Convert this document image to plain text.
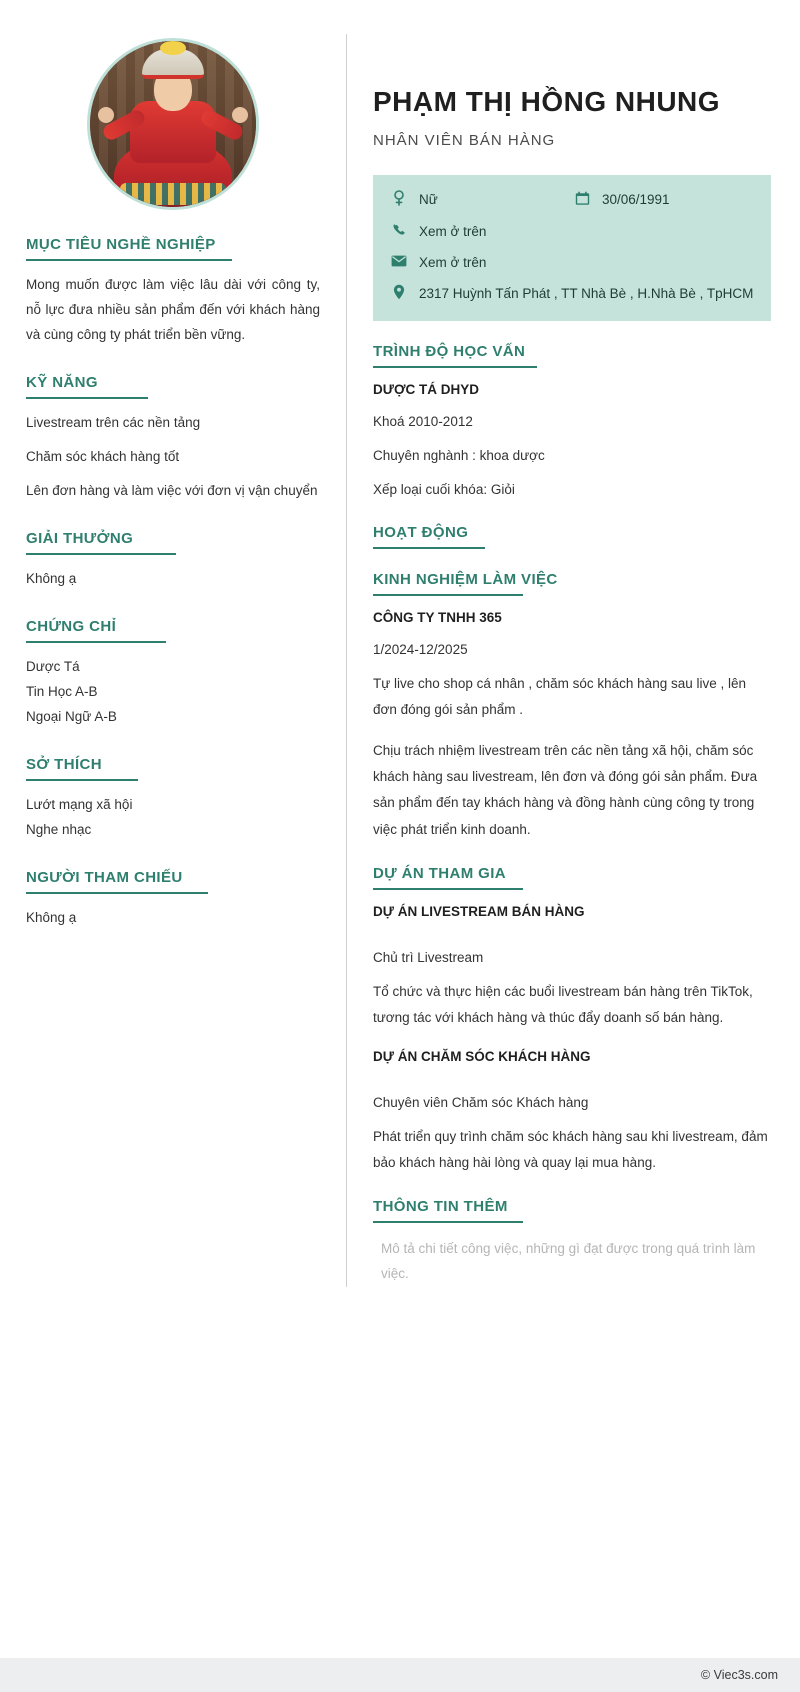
MỤC TIÊU NGHỀ NGHIỆP

Mong muốn được làm việc lâu dài với công ty, nỗ lực đưa nhiều sản phẩm đến với khách hàng và cùng công ty phát triển bền vững.

KỸ NĂNG
Livestream trên các nền tảng
Chăm sóc khách hàng tốt
Lên đơn hàng và làm việc với đơn vị vận chuyển
GIẢI THƯỞNG
Không ạ
CHỨNG CHỈ
Dược Tá
Tin Học A-B
Ngoại Ngữ A-B
SỞ THÍCH
Lướt mạng xã hội
Nghe nhạc
NGƯỜI THAM CHIẾU
Không ạ
PHẠM THỊ HỒNG NHUNG
NHÂN VIÊN BÁN HÀNG
Nữ	30/06/1991
Xem ở trên
Xem ở trên
2317 Huỳnh Tấn Phát , TT Nhà Bè , H.Nhà Bè , TpHCM
TRÌNH ĐỘ HỌC VẤN
DƯỢC TÁ DHYD
Khoá 2010-2012
Chuyên nghành : khoa dược
Xếp loại cuối khóa: Giỏi
HOẠT ĐỘNG
KINH NGHIỆM LÀM VIỆC
CÔNG TY TNHH 365
1/2024-12/2025

Tự live cho shop cá nhân , chăm sóc khách hàng sau live , lên đơn đóng gói sản phẩm .

Chịu trách nhiệm livestream trên các nền tảng xã hội, chăm sóc khách hàng sau livestream, lên đơn và đóng gói sản phẩm. Đưa sản phẩm đến tay khách hàng và đồng hành cùng công ty trong việc phát triển kinh doanh.

DỰ ÁN THAM GIA
DỰ ÁN LIVESTREAM BÁN HÀNG
Chủ trì Livestream

Tổ chức và thực hiện các buổi livestream bán hàng trên TikTok, tương tác với khách hàng và thúc đẩy doanh số bán hàng.

DỰ ÁN CHĂM SÓC KHÁCH HÀNG
Chuyên viên Chăm sóc Khách hàng

Phát triển quy trình chăm sóc khách hàng sau khi livestream, đảm bảo khách hàng hài lòng và quay lại mua hàng.

THÔNG TIN THÊM

Mô tả chi tiết công việc, những gì đạt được trong quá trình làm việc.

© Viec3s.com
